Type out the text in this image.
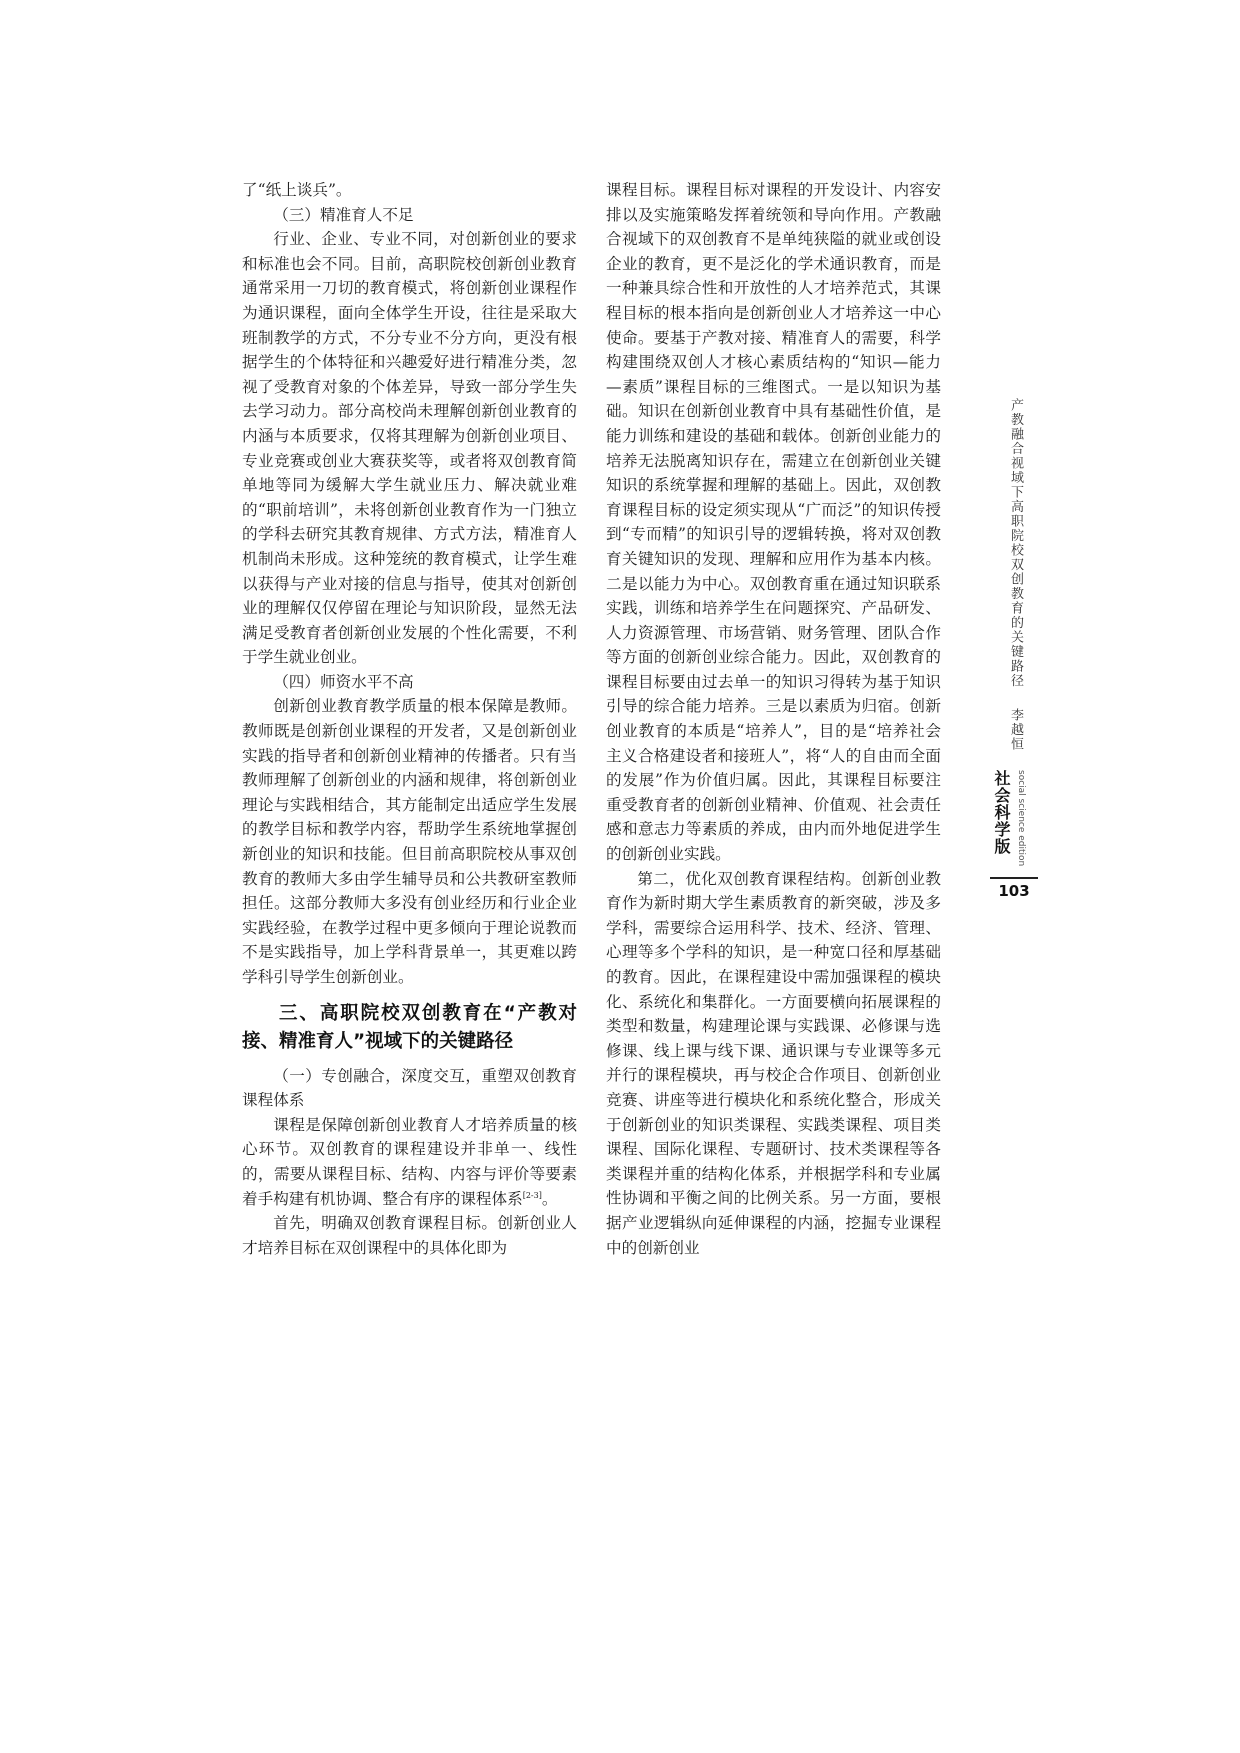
了“纸上谈兵”。

（三）精准育人不足

行业、企业、专业不同，对创新创业的要求和标准也会不同。目前，高职院校创新创业教育通常采用一刀切的教育模式，将创新创业课程作为通识课程，面向全体学生开设，往往是采取大班制教学的方式，不分专业不分方向，更没有根据学生的个体特征和兴趣爱好进行精准分类，忽视了受教育对象的个体差异，导致一部分学生失去学习动力。部分高校尚未理解创新创业教育的内涵与本质要求，仅将其理解为创新创业项目、专业竞赛或创业大赛获奖等，或者将双创教育简单地等同为缓解大学生就业压力、解决就业难的“职前培训”，未将创新创业教育作为一门独立的学科去研究其教育规律、方式方法，精准育人机制尚未形成。这种笼统的教育模式，让学生难以获得与产业对接的信息与指导，使其对创新创业的理解仅仅停留在理论与知识阶段，显然无法满足受教育者创新创业发展的个性化需要，不利于学生就业创业。

（四）师资水平不高

创新创业教育教学质量的根本保障是教师。教师既是创新创业课程的开发者，又是创新创业实践的指导者和创新创业精神的传播者。只有当教师理解了创新创业的内涵和规律，将创新创业理论与实践相结合，其方能制定出适应学生发展的教学目标和教学内容，帮助学生系统地掌握创新创业的知识和技能。但目前高职院校从事双创教育的教师大多由学生辅导员和公共教研室教师担任。这部分教师大多没有创业经历和行业企业实践经验，在教学过程中更多倾向于理论说教而不是实践指导，加上学科背景单一，其更难以跨学科引导学生创新创业。

三、高职院校双创教育在“产教对接、精准育人”视域下的关键路径

（一）专创融合，深度交互，重塑双创教育课程体系

课程是保障创新创业教育人才培养质量的核心环节。双创教育的课程建设并非单一、线性的，需要从课程目标、结构、内容与评价等要素着手构建有机协调、整合有序的课程体系[2-3]。

首先，明确双创教育课程目标。创新创业人才培养目标在双创课程中的具体化即为

课程目标。课程目标对课程的开发设计、内容安排以及实施策略发挥着统领和导向作用。产教融合视域下的双创教育不是单纯狭隘的就业或创设企业的教育，更不是泛化的学术通识教育，而是一种兼具综合性和开放性的人才培养范式，其课程目标的根本指向是创新创业人才培养这一中心使命。要基于产教对接、精准育人的需要，科学构建围绕双创人才核心素质结构的“知识—能力—素质”课程目标的三维图式。一是以知识为基础。知识在创新创业教育中具有基础性价值，是能力训练和建设的基础和载体。创新创业能力的培养无法脱离知识存在，需建立在创新创业关键知识的系统掌握和理解的基础上。因此，双创教育课程目标的设定须实现从“广而泛”的知识传授到“专而精”的知识引导的逻辑转换，将对双创教育关键知识的发现、理解和应用作为基本内核。二是以能力为中心。双创教育重在通过知识联系实践，训练和培养学生在问题探究、产品研发、人力资源管理、市场营销、财务管理、团队合作等方面的创新创业综合能力。因此，双创教育的课程目标要由过去单一的知识习得转为基于知识引导的综合能力培养。三是以素质为归宿。创新创业教育的本质是“培养人”，目的是“培养社会主义合格建设者和接班人”，将“人的自由而全面的发展”作为价值归属。因此，其课程目标要注重受教育者的创新创业精神、价值观、社会责任感和意志力等素质的养成，由内而外地促进学生的创新创业实践。

第二，优化双创教育课程结构。创新创业教育作为新时期大学生素质教育的新突破，涉及多学科，需要综合运用科学、技术、经济、管理、心理等多个学科的知识，是一种宽口径和厚基础的教育。因此，在课程建设中需加强课程的模块化、系统化和集群化。一方面要横向拓展课程的类型和数量，构建理论课与实践课、必修课与选修课、线上课与线下课、通识课与专业课等多元并行的课程模块，再与校企合作项目、创新创业竞赛、讲座等进行模块化和系统化整合，形成关于创新创业的知识类课程、实践类课程、项目类课程、国际化课程、专题研讨、技术类课程等各类课程并重的结构化体系，并根据学科和专业属性协调和平衡之间的比例关系。另一方面，要根据产业逻辑纵向延伸课程的内涵，挖掘专业课程中的创新创业

产教融合视域下高职院校双创教育的关键路径 李越恒
社会科学版 social science edition
103
